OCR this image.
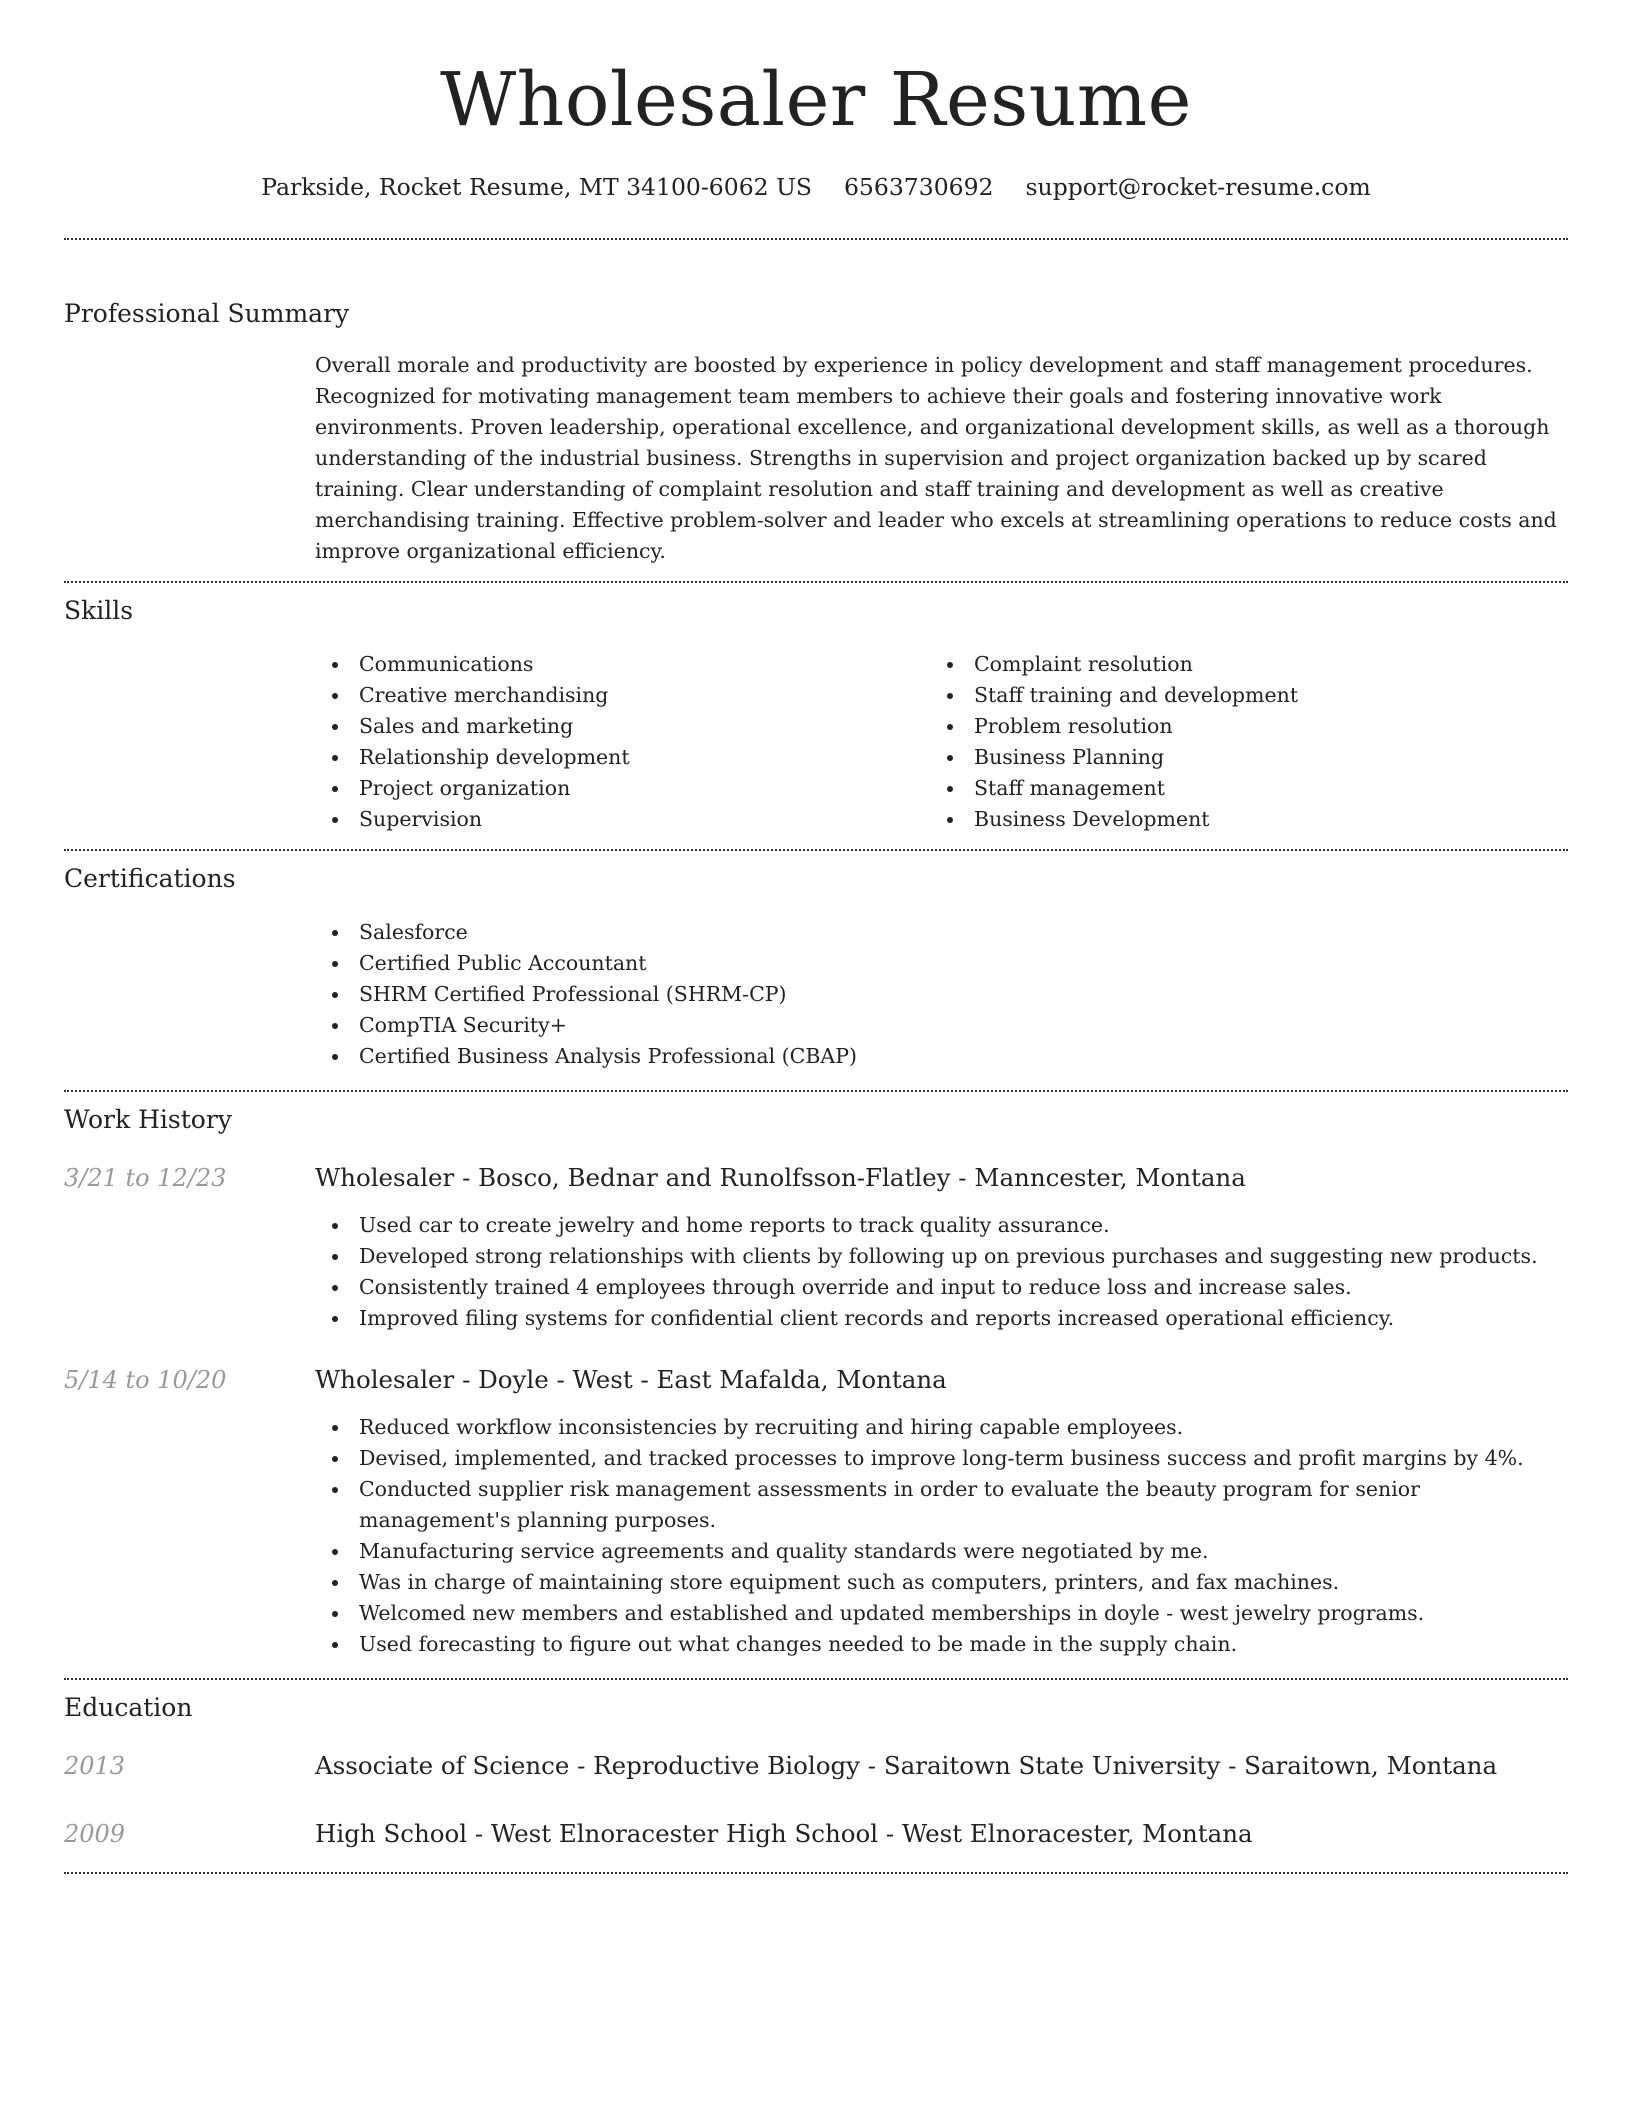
Wholesaler Resume
Parkside, Rocket Resume, MT 34100-6062 US 6563730692 support@rocket-resume.com
Professional Summary

Overall morale and productivity are boosted by experience in policy development and staff management procedures. Recognized for motivating management team members to achieve their goals and fostering innovative work environments. Proven leadership, operational excellence, and organizational development skills, as well as a thorough understanding of the industrial business. Strengths in supervision and project organization backed up by scared training. Clear understanding of complaint resolution and staff training and development as well as creative merchandising training. Effective problem-solver and leader who excels at streamlining operations to reduce costs and improve organizational efficiency.

Skills
Communications
Creative merchandising
Sales and marketing
Relationship development
Project organization
Supervision
Complaint resolution
Staff training and development
Problem resolution
Business Planning
Staff management
Business Development
Certifications
Salesforce
Certified Public Accountant
SHRM Certified Professional (SHRM-CP)
CompTIA Security+
Certified Business Analysis Professional (CBAP)
Work History
3/21 to 12/23	Wholesaler - Bosco, Bednar and Runolfsson-Flatley - Manncester, Montana
Used car to create jewelry and home reports to track quality assurance.
Developed strong relationships with clients by following up on previous purchases and suggesting new products.
Consistently trained 4 employees through override and input to reduce loss and increase sales.
Improved filing systems for confidential client records and reports increased operational efficiency.
5/14 to 10/20	Wholesaler - Doyle - West - East Mafalda, Montana
Reduced workflow inconsistencies by recruiting and hiring capable employees.
Devised, implemented, and tracked processes to improve long-term business success and profit margins by 4%.
Conducted supplier risk management assessments in order to evaluate the beauty program for senior management's planning purposes.
Manufacturing service agreements and quality standards were negotiated by me.
Was in charge of maintaining store equipment such as computers, printers, and fax machines.
Welcomed new members and established and updated memberships in doyle - west jewelry programs.
Used forecasting to figure out what changes needed to be made in the supply chain.
Education
2013	Associate of Science - Reproductive Biology - Saraitown State University - Saraitown, Montana
2009	High School - West Elnoracester High School - West Elnoracester, Montana
